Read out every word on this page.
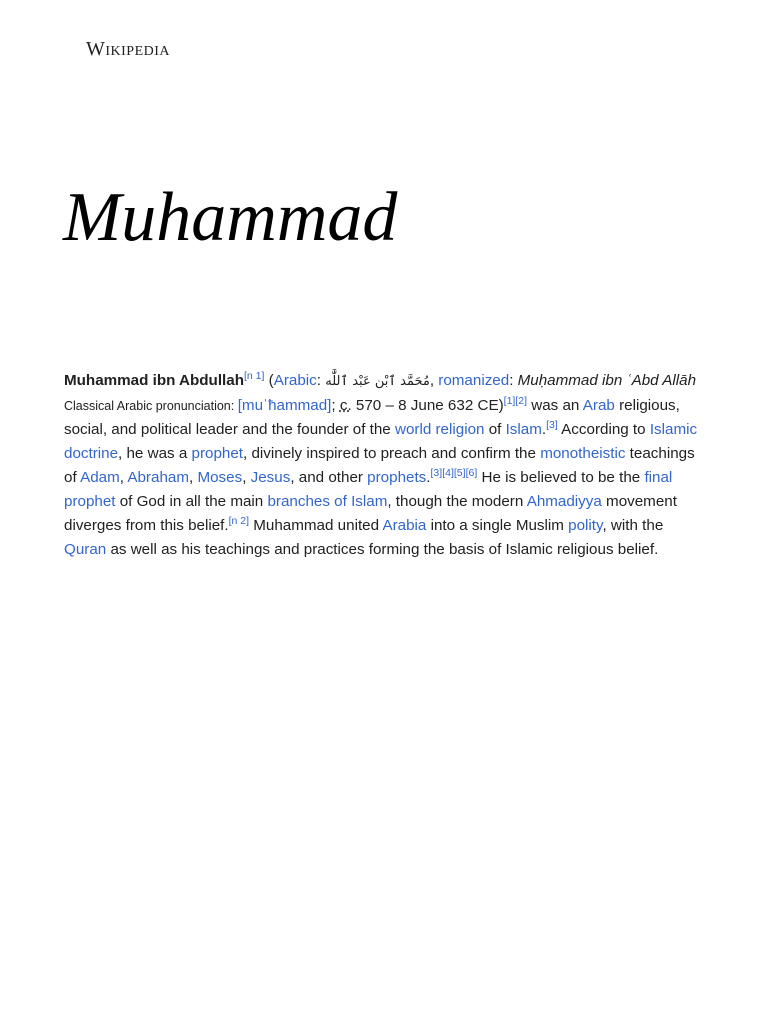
Wikipedia
Muhammad

Muhammad ibn Abdullah[n 1] (Arabic: مُحَمَّد ٱبْن عَبْد ٱللَّٰه, romanized: Muḥammad ibn ʿAbd Allāh Classical Arabic pronunciation: [muˈħammad]; c. 570 – 8 June 632 CE)[1][2] was an Arab religious, social, and political leader and the founder of the world religion of Islam.[3] According to Islamic doctrine, he was a prophet, divinely inspired to preach and confirm the monotheistic teachings of Adam, Abraham, Moses, Jesus, and other prophets.[3][4][5][6] He is believed to be the final prophet of God in all the main branches of Islam, though the modern Ahmadiyya movement diverges from this belief.[n 2] Muhammad united Arabia into a single Muslim polity, with the Quran as well as his teachings and practices forming the basis of Islamic religious belief.
